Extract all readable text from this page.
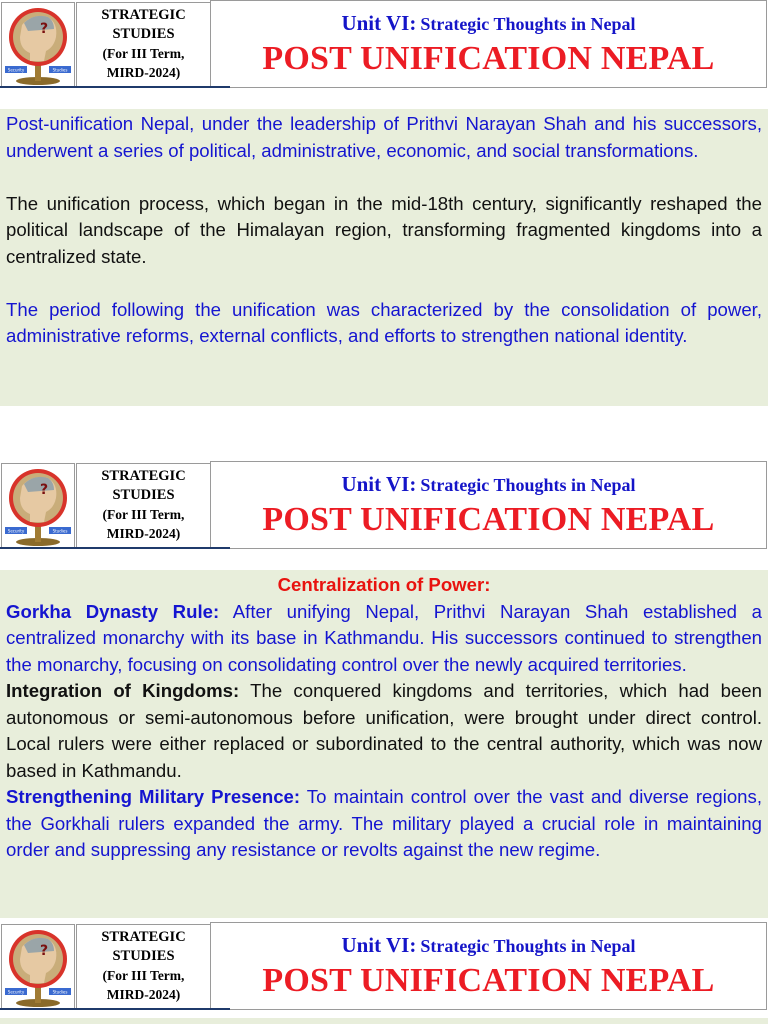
?
Security	Studies
STRATEGIC
STUDIES
(For III Term,
MIRD-2024)
Unit VI: Strategic Thoughts in Nepal
POST UNIFICATION NEPAL

Post-unification Nepal, under the leadership of Prithvi Narayan Shah and his successors, underwent a series of political, administrative, economic, and social transformations.

The unification process, which began in the mid-18th century, significantly reshaped the political landscape of the Himalayan region, transforming fragmented kingdoms into a centralized state.

The period following the unification was characterized by the consolidation of power, administrative reforms, external conflicts, and efforts to strengthen national identity.

?
Security	Studies
STRATEGIC
STUDIES
(For III Term,
MIRD-2024)
Unit VI: Strategic Thoughts in Nepal
POST UNIFICATION NEPAL

Centralization of Power:

Gorkha Dynasty Rule: After unifying Nepal, Prithvi Narayan Shah established a centralized monarchy with its base in Kathmandu. His successors continued to strengthen the monarchy, focusing on consolidating control over the newly acquired territories.

Integration of Kingdoms: The conquered kingdoms and territories, which had been autonomous or semi-autonomous before unification, were brought under direct control. Local rulers were either replaced or subordinated to the central authority, which was now based in Kathmandu.

Strengthening Military Presence: To maintain control over the vast and diverse regions, the Gorkhali rulers expanded the army. The military played a crucial role in maintaining order and suppressing any resistance or revolts against the new regime.

?
Security	Studies
STRATEGIC
STUDIES
(For III Term,
MIRD-2024)
Unit VI: Strategic Thoughts in Nepal
POST UNIFICATION NEPAL
